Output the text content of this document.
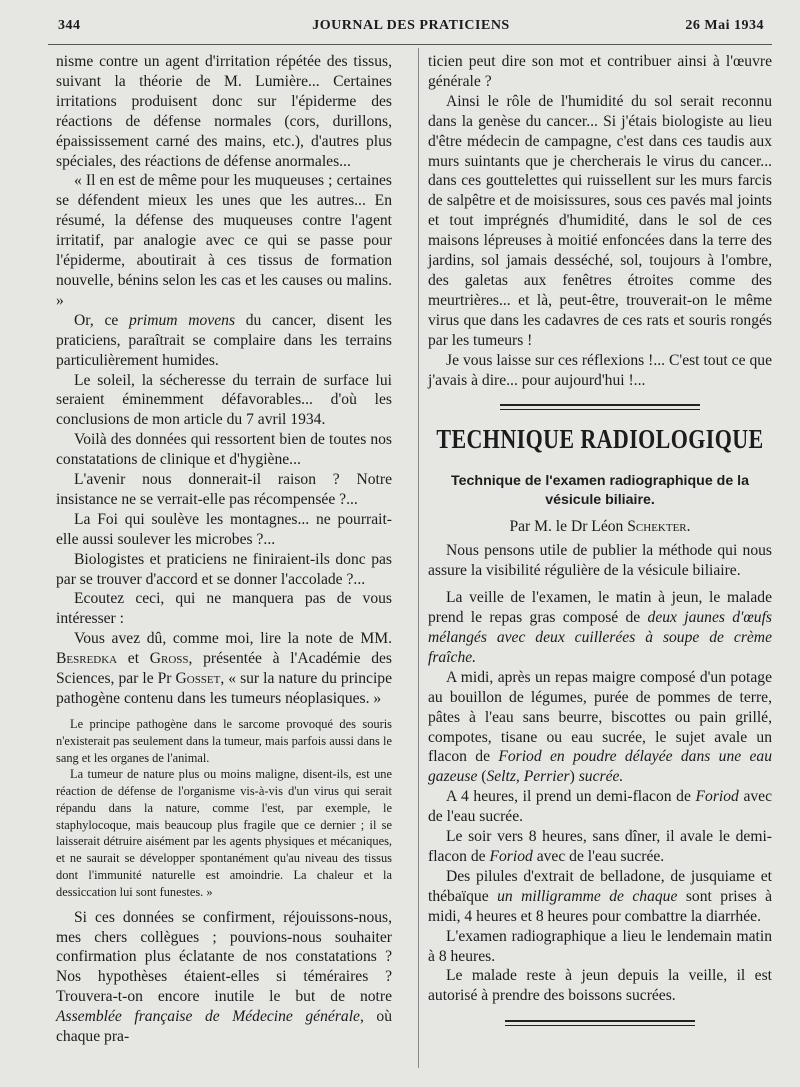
344	JOURNAL DES PRATICIENS	26 Mai 1934

nisme contre un agent d'irritation répétée des tissus, suivant la théorie de M. Lumière... Certaines irritations produisent donc sur l'épiderme des réactions de défense normales (cors, durillons, épaississement carné des mains, etc.), d'autres plus spéciales, des réactions de défense anormales...

« Il en est de même pour les muqueuses ; certaines se défendent mieux les unes que les autres... En résumé, la défense des muqueuses contre l'agent irritatif, par analogie avec ce qui se passe pour l'épiderme, aboutirait à ces tissus de formation nouvelle, bénins selon les cas et les causes ou malins. »

Or, ce primum movens du cancer, disent les praticiens, paraîtrait se complaire dans les terrains particulièrement humides.

Le soleil, la sécheresse du terrain de surface lui seraient éminemment défavorables... d'où les conclusions de mon article du 7 avril 1934.

Voilà des données qui ressortent bien de toutes nos constatations de clinique et d'hygiène...

L'avenir nous donnerait-il raison ? Notre insistance ne se verrait-elle pas récompensée ?...

La Foi qui soulève les montagnes... ne pourrait-elle aussi soulever les microbes ?...

Biologistes et praticiens ne finiraient-ils donc pas par se trouver d'accord et se donner l'accolade ?...

Ecoutez ceci, qui ne manquera pas de vous intéresser :

Vous avez dû, comme moi, lire la note de MM. Besredka et Gross, présentée à l'Académie des Sciences, par le Pr Gosset, « sur la nature du principe pathogène contenu dans les tumeurs néoplasiques. »

Le principe pathogène dans le sarcome provoqué des souris n'existerait pas seulement dans la tumeur, mais parfois aussi dans le sang et les organes de l'animal.

La tumeur de nature plus ou moins maligne, disent-ils, est une réaction de défense de l'organisme vis-à-vis d'un virus qui serait répandu dans la nature, comme l'est, par exemple, le staphylocoque, mais beaucoup plus fragile que ce dernier ; il se laisserait détruire aisément par les agents physiques et mécaniques, et ne saurait se développer spontanément qu'au niveau des tissus dont l'immunité naturelle est amoindrie. La chaleur et la dessiccation lui sont funestes. »

Si ces données se confirment, réjouissons-nous, mes chers collègues ; pouvions-nous souhaiter confirmation plus éclatante de nos constatations ? Nos hypothèses étaient-elles si téméraires ? Trouvera-t-on encore inutile le but de notre Assemblée française de Médecine générale, où chaque pra-

ticien peut dire son mot et contribuer ainsi à l'œuvre générale ?

Ainsi le rôle de l'humidité du sol serait reconnu dans la genèse du cancer... Si j'étais biologiste au lieu d'être médecin de campagne, c'est dans ces taudis aux murs suintants que je chercherais le virus du cancer... dans ces gouttelettes qui ruissellent sur les murs farcis de salpêtre et de moisissures, sous ces pavés mal joints et tout imprégnés d'humidité, dans le sol de ces maisons lépreuses à moitié enfoncées dans la terre des jardins, sol jamais desséché, sol, toujours à l'ombre, des galetas aux fenêtres étroites comme des meurtrières... et là, peut-être, trouverait-on le même virus que dans les cadavres de ces rats et souris rongés par les tumeurs !

Je vous laisse sur ces réflexions !... C'est tout ce que j'avais à dire... pour aujourd'hui !...

TECHNIQUE RADIOLOGIQUE
Technique de l'examen radiographique de la vésicule biliaire.
Par M. le Dr Léon Schekter.

Nous pensons utile de publier la méthode qui nous assure la visibilité régulière de la vésicule biliaire.

La veille de l'examen, le matin à jeun, le malade prend le repas gras composé de deux jaunes d'œufs mélangés avec deux cuillerées à soupe de crème fraîche.

A midi, après un repas maigre composé d'un potage au bouillon de légumes, purée de pommes de terre, pâtes à l'eau sans beurre, biscottes ou pain grillé, compotes, tisane ou eau sucrée, le sujet avale un flacon de Foriod en poudre délayée dans une eau gazeuse (Seltz, Perrier) sucrée.

A 4 heures, il prend un demi-flacon de Foriod avec de l'eau sucrée.

Le soir vers 8 heures, sans dîner, il avale le demi-flacon de Foriod avec de l'eau sucrée.

Des pilules d'extrait de belladone, de jusquiame et thébaïque un milligramme de chaque sont prises à midi, 4 heures et 8 heures pour combattre la diarrhée.

L'examen radiographique a lieu le lendemain matin à 8 heures.

Le malade reste à jeun depuis la veille, il est autorisé à prendre des boissons sucrées.
